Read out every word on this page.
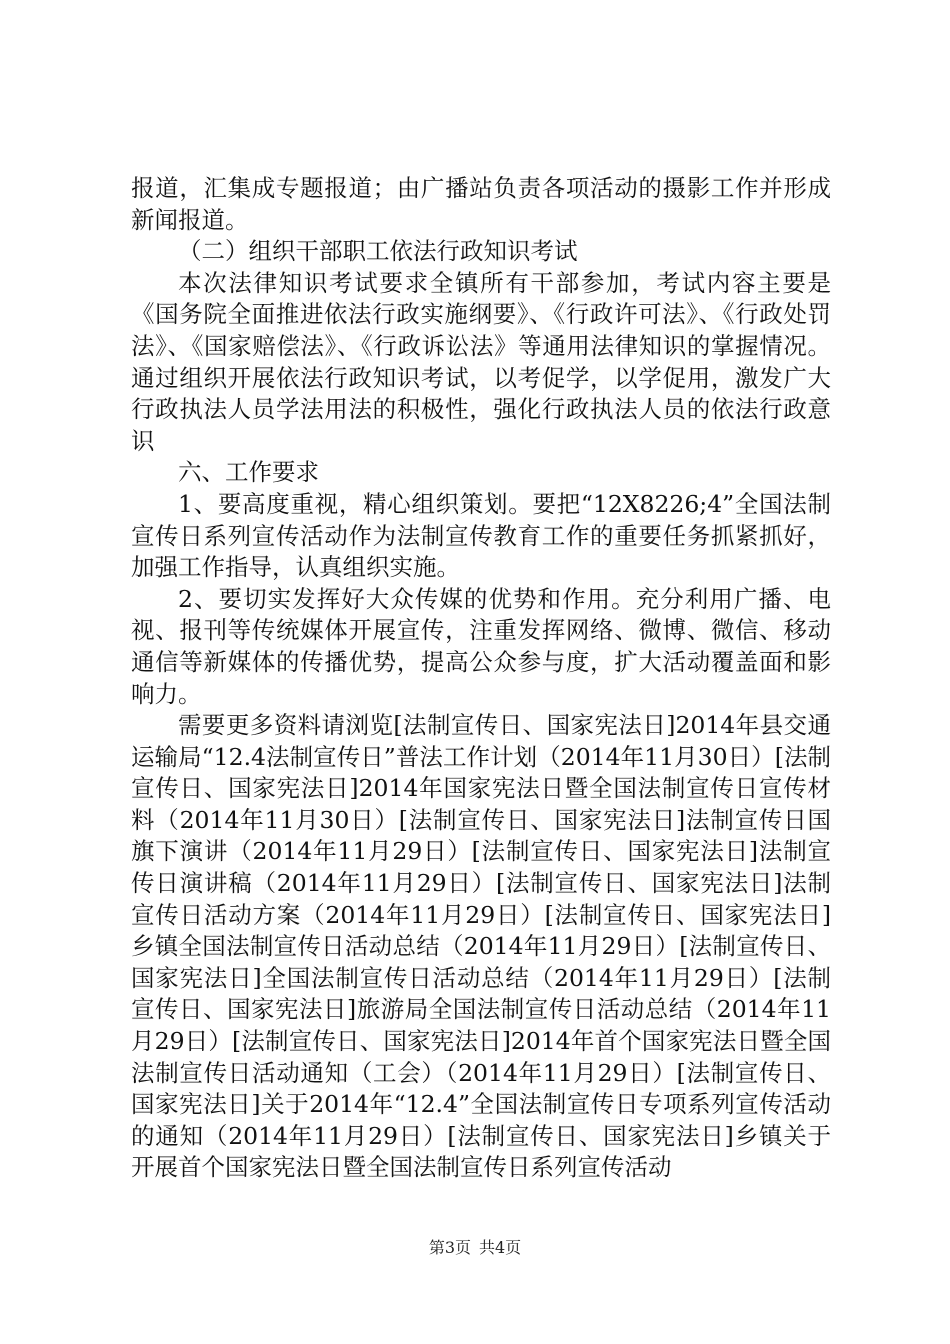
报道，汇集成专题报道；由广播站负责各项活动的摄影工作并形成新闻报道。

（二）组织干部职工依法行政知识考试

本次法律知识考试要求全镇所有干部参加，考试内容主要是《国务院全面推进依法行政实施纲要》、《行政许可法》、《行政处罚法》、《国家赔偿法》、《行政诉讼法》等通用法律知识的掌握情况。通过组织开展依法行政知识考试，以考促学，以学促用，激发广大行政执法人员学法用法的积极性，强化行政执法人员的依法行政意识

六、工作要求

1、要高度重视，精心组织策划。要把“12X8226;4”全国法制宣传日系列宣传活动作为法制宣传教育工作的重要任务抓紧抓好，加强工作指导，认真组织实施。

2、要切实发挥好大众传媒的优势和作用。充分利用广播、电视、报刊等传统媒体开展宣传，注重发挥网络、微博、微信、移动通信等新媒体的传播优势，提高公众参与度，扩大活动覆盖面和影响力。

需要更多资料请浏览[法制宣传日、国家宪法日]2014年县交通运输局“12.4法制宣传日”普法工作计划（2014年11月30日）[法制宣传日、国家宪法日]2014年国家宪法日暨全国法制宣传日宣传材料（2014年11月30日）[法制宣传日、国家宪法日]法制宣传日国旗下演讲（2014年11月29日）[法制宣传日、国家宪法日]法制宣传日演讲稿（2014年11月29日）[法制宣传日、国家宪法日]法制宣传日活动方案（2014年11月29日）[法制宣传日、国家宪法日]乡镇全国法制宣传日活动总结（2014年11月29日）[法制宣传日、国家宪法日]全国法制宣传日活动总结（2014年11月29日）[法制宣传日、国家宪法日]旅游局全国法制宣传日活动总结（2014年11月29日）[法制宣传日、国家宪法日]2014年首个国家宪法日暨全国法制宣传日活动通知（工会）（2014年11月29日）[法制宣传日、国家宪法日]关于2014年“12.4”全国法制宣传日专项系列宣传活动的通知（2014年11月29日）[法制宣传日、国家宪法日]乡镇关于开展首个国家宪法日暨全国法制宣传日系列宣传活动

第3页 共4页
